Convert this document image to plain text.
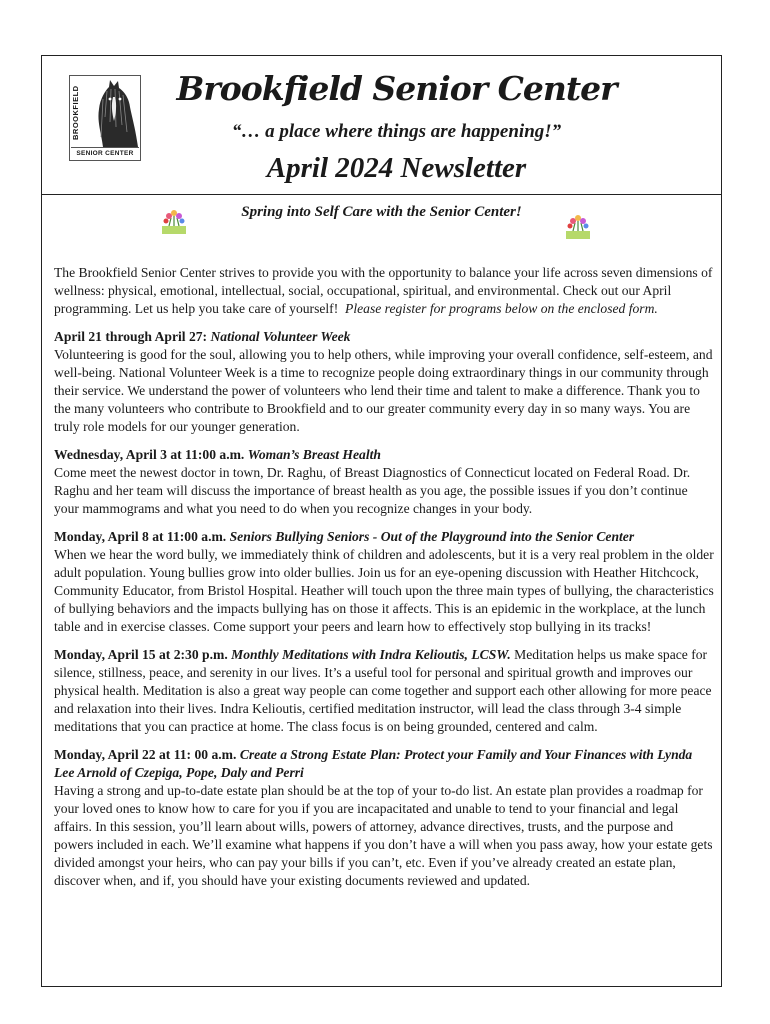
BROOKFIELD
SENIOR CENTER
Brookfield Senior Center
“… a place where things are happening!”
April 2024 Newsletter
Spring into Self Care with the Senior Center!

The Brookfield Senior Center strives to provide you with the opportunity to balance your life across seven dimensions of wellness: physical, emotional, intellectual, social, occupational, spiritual, and environmental. Check out our April programming. Let us help you take care of yourself! Please register for programs below on the enclosed form.

April 21 through April 27: National Volunteer Week
Volunteering is good for the soul, allowing you to help others, while improving your overall confidence, self-esteem, and well-being. National Volunteer Week is a time to recognize people doing extraordinary things in our community through their service. We understand the power of volunteers who lend their time and talent to make a difference. Thank you to the many volunteers who contribute to Brookfield and to our greater community every day in so many ways. You are truly role models for our younger generation.

Wednesday, April 3 at 11:00 a.m. Woman’s Breast Health
Come meet the newest doctor in town, Dr. Raghu, of Breast Diagnostics of Connecticut located on Federal Road. Dr. Raghu and her team will discuss the importance of breast health as you age, the possible issues if you don’t continue your mammograms and what you need to do when you recognize changes in your body.

Monday, April 8 at 11:00 a.m. Seniors Bullying Seniors - Out of the Playground into the Senior Center
When we hear the word bully, we immediately think of children and adolescents, but it is a very real problem in the older adult population. Young bullies grow into older bullies. Join us for an eye-opening discussion with Heather Hitchcock, Community Educator, from Bristol Hospital. Heather will touch upon the three main types of bullying, the characteristics of bullying behaviors and the impacts bullying has on those it affects. This is an epidemic in the workplace, at the lunch table and in exercise classes. Come support your peers and learn how to effectively stop bullying in its tracks!

Monday, April 15 at 2:30 p.m. Monthly Meditations with Indra Kelioutis, LCSW. Meditation helps us make space for silence, stillness, peace, and serenity in our lives. It’s a useful tool for personal and spiritual growth and improves our physical health. Meditation is also a great way people can come together and support each other allowing for more peace and relaxation into their lives. Indra Kelioutis, certified meditation instructor, will lead the class through 3-4 simple meditations that you can practice at home. The class focus is on being grounded, centered and calm.

Monday, April 22 at 11: 00 a.m. Create a Strong Estate Plan: Protect your Family and Your Finances with Lynda Lee Arnold of Czepiga, Pope, Daly and Perri
Having a strong and up-to-date estate plan should be at the top of your to-do list. An estate plan provides a roadmap for your loved ones to know how to care for you if you are incapacitated and unable to tend to your financial and legal affairs. In this session, you’ll learn about wills, powers of attorney, advance directives, trusts, and the purpose and powers included in each. We’ll examine what happens if you don’t have a will when you pass away, how your estate gets divided amongst your heirs, who can pay your bills if you can’t, etc. Even if you’ve already created an estate plan, discover when, and if, you should have your existing documents reviewed and updated.
